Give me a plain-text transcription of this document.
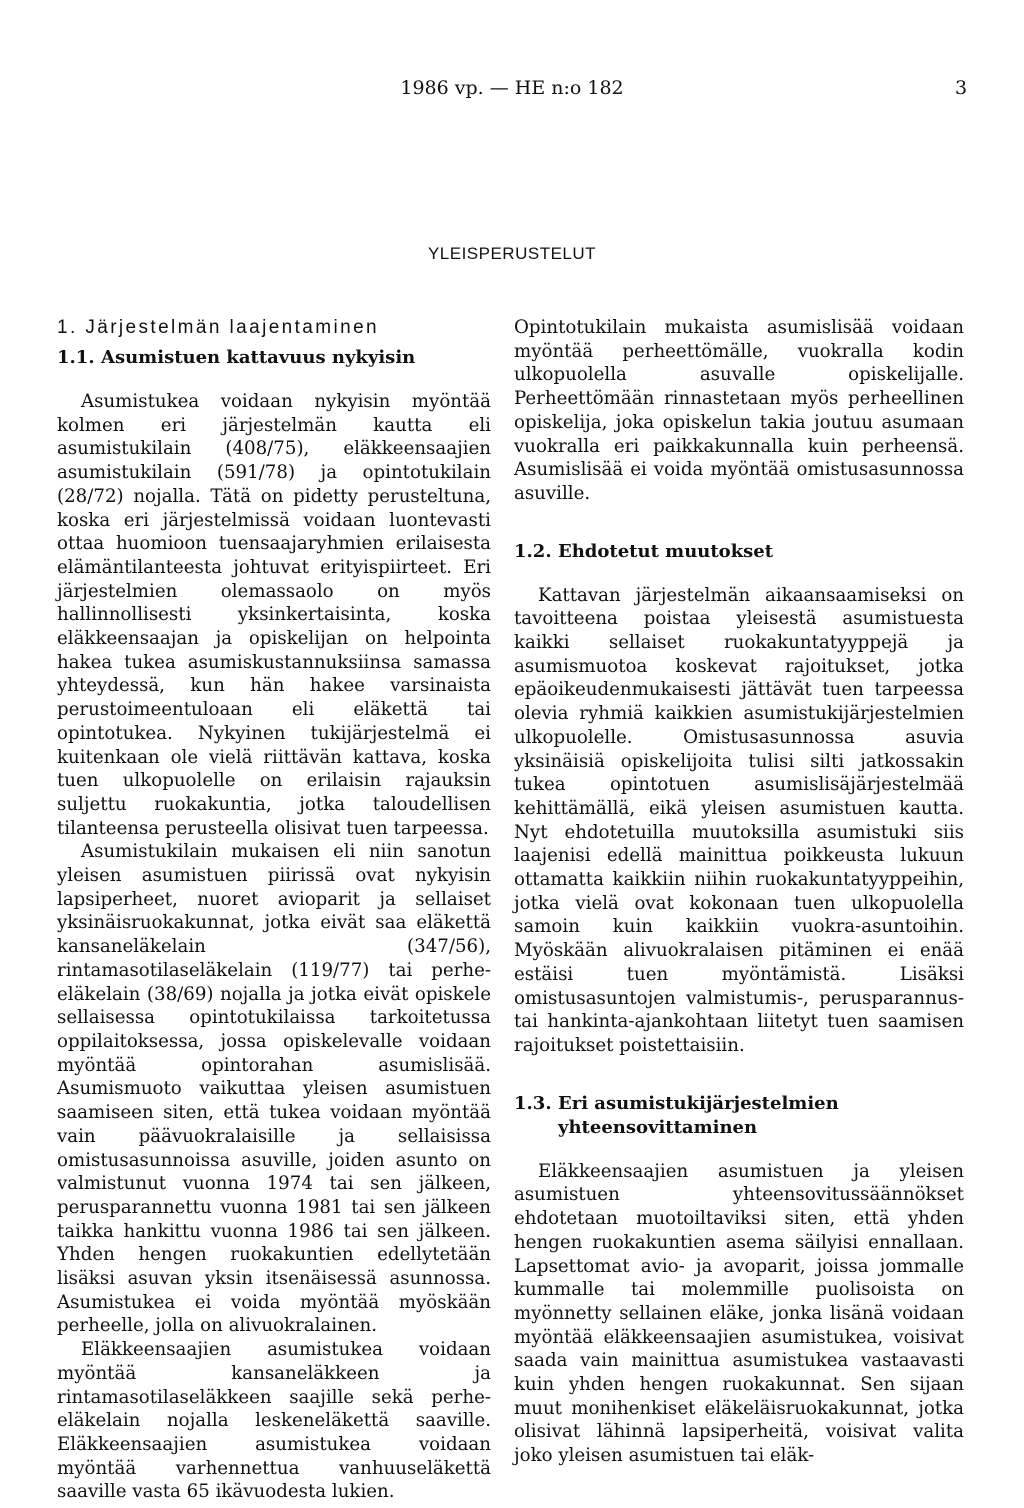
1986 vp. — HE n:o 182	3
YLEISPERUSTELUT
1. Järjestelmän laajentaminen
1.1. Asumistuen kattavuus nykyisin

Asumistukea voidaan nykyisin myöntää kolmen eri järjestelmän kautta eli asumistukilain (408/75), eläkkeensaajien asumistukilain (591/78) ja opintotukilain (28/72) nojalla. Tätä on pidetty perusteltuna, koska eri järjestelmissä voidaan luontevasti ottaa huomioon tuensaajaryhmien erilaisesta elämäntilanteesta johtuvat erityispiirteet. Eri järjestelmien olemassaolo on myös hallinnollisesti yksinkertaisinta, koska eläkkeensaajan ja opiskelijan on helpointa hakea tukea asumiskustannuksiinsa samassa yhteydessä, kun hän hakee varsinaista perustoimeentuloaan eli eläkettä tai opintotukea. Nykyinen tukijärjestelmä ei kuitenkaan ole vielä riittävän kattava, koska tuen ulkopuolelle on erilaisin rajauksin suljettu ruokakuntia, jotka taloudellisen tilanteensa perusteella olisivat tuen tarpeessa.

Asumistukilain mukaisen eli niin sanotun yleisen asumistuen piirissä ovat nykyisin lapsiperheet, nuoret avioparit ja sellaiset yksinäisruokakunnat, jotka eivät saa eläkettä kansaneläkelain (347/56), rintamasotilaseläkelain (119/77) tai perhe-eläkelain (38/69) nojalla ja jotka eivät opiskele sellaisessa opintotukilaissa tarkoitetussa oppilaitoksessa, jossa opiskelevalle voidaan myöntää opintorahan asumislisää. Asumismuoto vaikuttaa yleisen asumistuen saamiseen siten, että tukea voidaan myöntää vain päävuokralaisille ja sellaisissa omistusasunnoissa asuville, joiden asunto on valmistunut vuonna 1974 tai sen jälkeen, perusparannettu vuonna 1981 tai sen jälkeen taikka hankittu vuonna 1986 tai sen jälkeen. Yhden hengen ruokakuntien edellytetään lisäksi asuvan yksin itsenäisessä asunnossa. Asumistukea ei voida myöntää myöskään perheelle, jolla on alivuokralainen.

Eläkkeensaajien asumistukea voidaan myöntää kansaneläkkeen ja rintamasotilaseläkkeen saajille sekä perhe-eläkelain nojalla leskeneläkettä saaville. Eläkkeensaajien asumistukea voidaan myöntää varhennettua vanhuuseläkettä saaville vasta 65 ikävuodesta lukien.

Opintotukilain mukaista asumislisää voidaan myöntää perheettömälle, vuokralla kodin ulkopuolella asuvalle opiskelijalle. Perheettömään rinnastetaan myös perheellinen opiskelija, joka opiskelun takia joutuu asumaan vuokralla eri paikkakunnalla kuin perheensä. Asumislisää ei voida myöntää omistusasunnossa asuville.

1.2. Ehdotetut muutokset

Kattavan järjestelmän aikaansaamiseksi on tavoitteena poistaa yleisestä asumistuesta kaikki sellaiset ruokakuntatyyppejä ja asumismuotoa koskevat rajoitukset, jotka epäoikeudenmukaisesti jättävät tuen tarpeessa olevia ryhmiä kaikkien asumistukijärjestelmien ulkopuolelle. Omistusasunnossa asuvia yksinäisiä opiskelijoita tulisi silti jatkossakin tukea opintotuen asumislisäjärjestelmää kehittämällä, eikä yleisen asumistuen kautta. Nyt ehdotetuilla muutoksilla asumistuki siis laajenisi edellä mainittua poikkeusta lukuun ottamatta kaikkiin niihin ruokakuntatyyppeihin, jotka vielä ovat kokonaan tuen ulkopuolella samoin kuin kaikkiin vuokra-asuntoihin. Myöskään alivuokralaisen pitäminen ei enää estäisi tuen myöntämistä. Lisäksi omistusasuntojen valmistumis-, perusparannus- tai hankinta-ajankohtaan liitetyt tuen saamisen rajoitukset poistettaisiin.

1.3. Eri asumistukijärjestelmien yhteensovittaminen

Eläkkeensaajien asumistuen ja yleisen asumistuen yhteensovitussäännökset ehdotetaan muotoiltaviksi siten, että yhden hengen ruokakuntien asema säilyisi ennallaan. Lapsettomat avio- ja avoparit, joissa jommalle kummalle tai molemmille puolisoista on myönnetty sellainen eläke, jonka lisänä voidaan myöntää eläkkeensaajien asumistukea, voisivat saada vain mainittua asumistukea vastaavasti kuin yhden hengen ruokakunnat. Sen sijaan muut monihenkiset eläkeläisruokakunnat, jotka olisivat lähinnä lapsiperheitä, voisivat valita joko yleisen asumistuen tai eläk-
